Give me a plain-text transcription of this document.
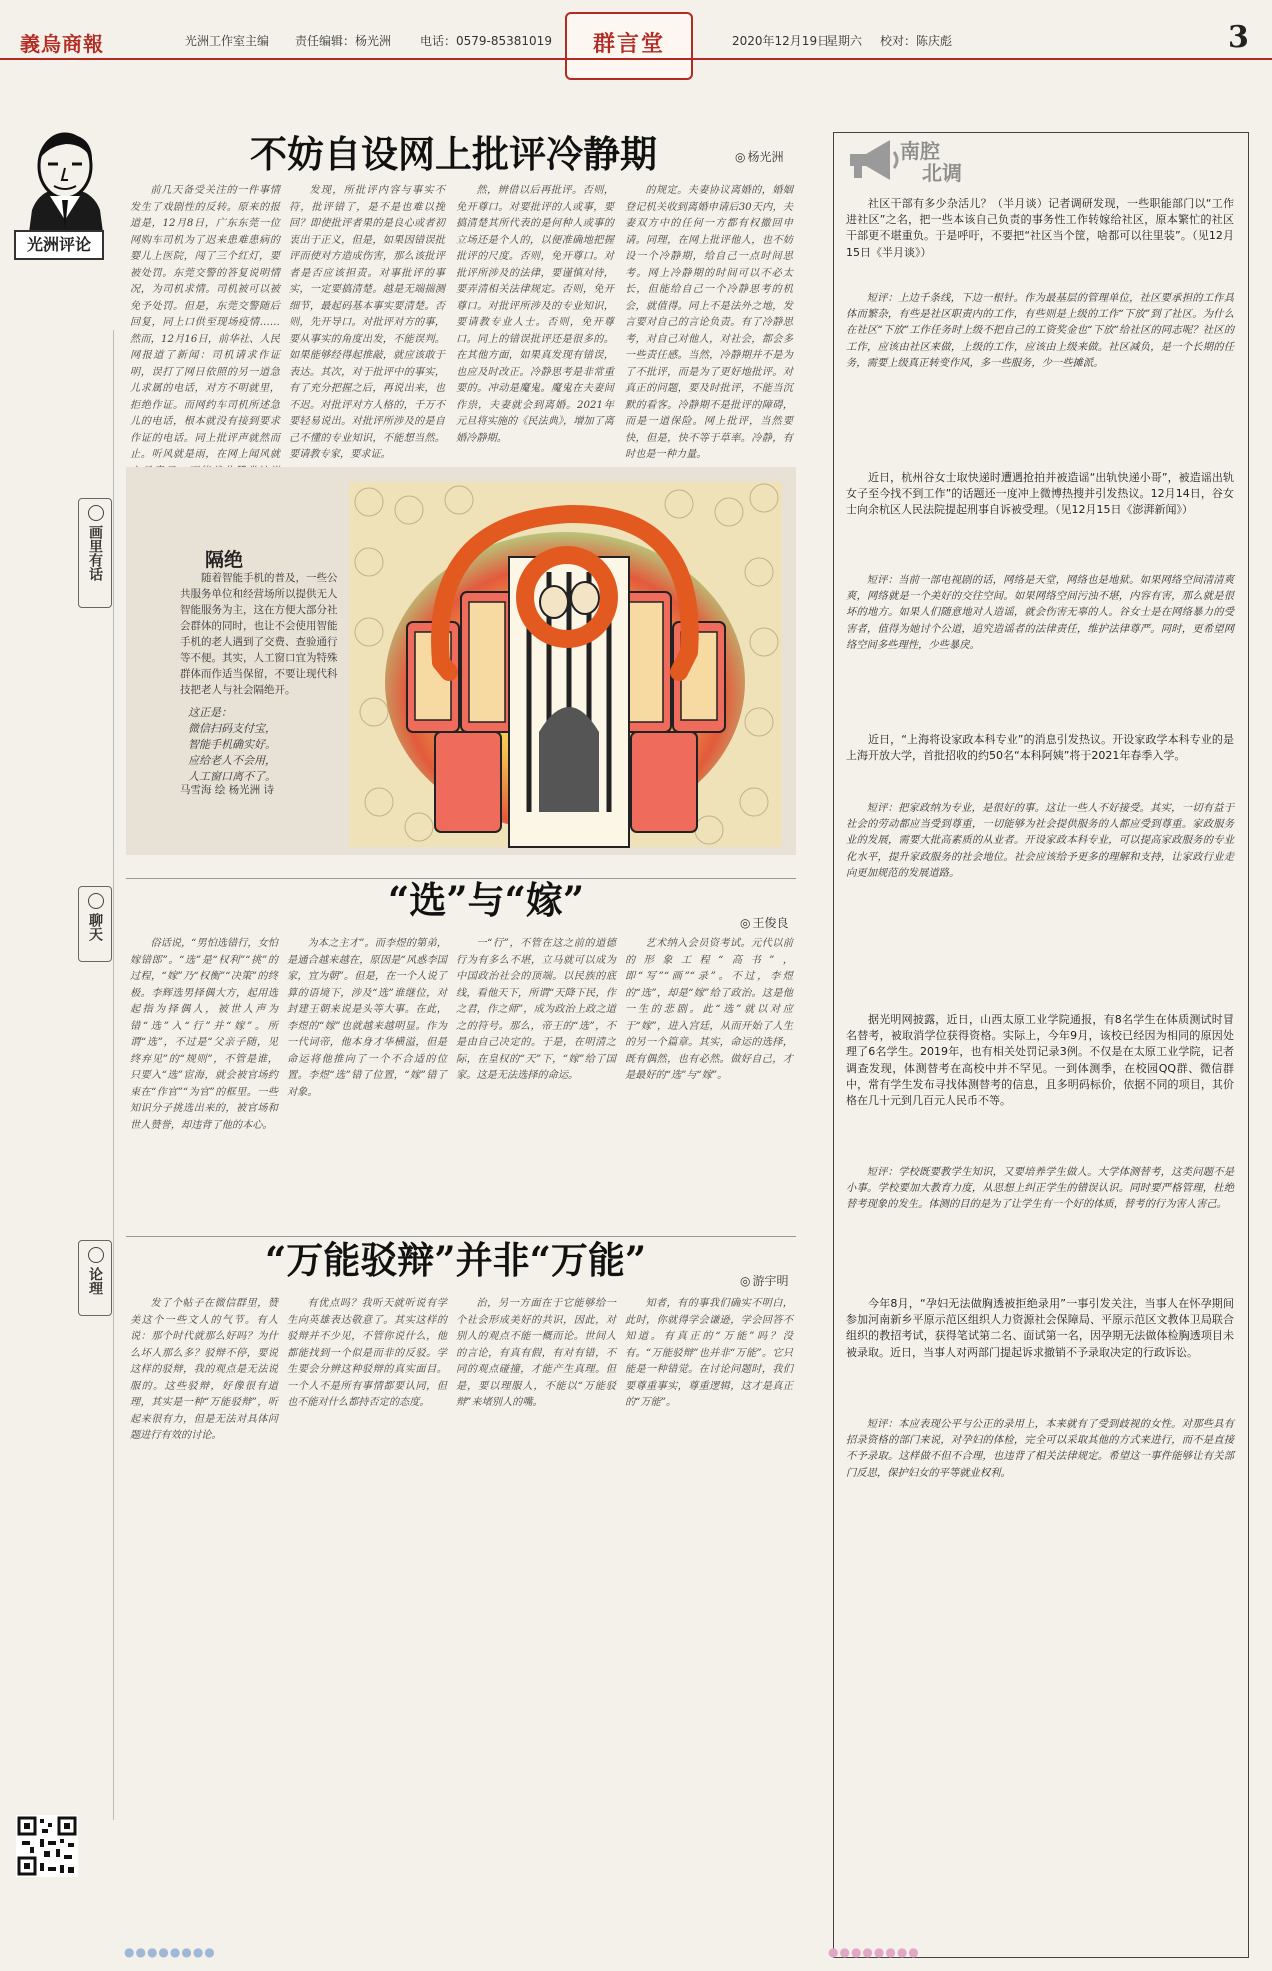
義烏商報	光洲工作室主编 责任编辑：杨光洲 电话：0579-85381019	群言堂	2020年12月19日
星期六 校对：陈庆彪	3
光洲评论
画里有话
聊天
论理
不妨自设网上批评冷静期	◎ 杨光洲
前几天备受关注的一件事情发生了戏剧性的反转。原来的报道是，12月8日，广东东莞一位网购车司机为了迟来患难患病的婴儿上医院，闯了三个红灯，要被处罚。东莞交警的答复说明情况，为司机求情。司机被可以被免予处罚。但是，东莞交警随后回复，同上口供至现场疫情……然而，12月16日，前华社、人民网报道了新闻：司机请求作证明，误打了网日依照的另一道急儿求属的电话，对方不明就里，拒绝作证。而网约车司机所述急儿的电话，根本就没有接到要求作证的电话。同上批评声就然而止。听风就是雨，在网上闻风就
发现，所批评内容与事实不符，批评错了，是不是也难以挽回？即使批评者果的是良心或者初衷出于正义，但是，如果因错误批评而使对方造成伤害，那么该批评者是否应该担责。对事批评的事实，一定要搞清楚。越是无端揣测细节，最起码基本事实要清楚。否则，先开导口。对批评对方的事，要从事实的角度出发，不能误判。如果能够经得起推敲，就应该敢于表达。其次，对于批评中的事实，有了充分把握之后，再说出来，也不迟。对批评对方人格的，千万不要轻易说出。对批评所涉及的是自己不懂的专业知识，不能想当然。要请教专家，要求证。
然，辨借以后再批评。否则，免开尊口。对要批评的人或事，要搞清楚其所代表的是何种人或事的立场还是个人的，以便准确地把握批评的尺度。否则，免开尊口。对批评所涉及的法律，要谨慎对待，要弄清相关法律规定。否则，免开尊口。对批评所涉及的专业知识，要请教专业人士。否则，免开尊口。同上的错误批评还是很多的。在其他方面，如果真发现有错误，也应及时改正。冷静思考是非常重要的。冲动是魔鬼。魔鬼在夫妻间作祟，夫妻就会到离婚。2021年元旦将实施的《民法典》，增加了离婚冷静期。
的规定。夫妻协议离婚的，婚姻登记机关收到离婚申请后30天内，夫妻双方中的任何一方都有权撤回申请。同理，在网上批评他人，也不妨设一个冷静期，给自己一点时间思考。网上冷静期的时间可以不必太长，但能给自己一个冷静思考的机会，就值得。同上不是法外之地，发言要对自己的言论负责。有了冷静思考，对自己对他人，对社会，都会多一些责任感。当然，冷静期并不是为了不批评，而是为了更好地批评。对真正的问题，要及时批评，不能当沉默的看客。冷静期不是批评的障碍，而是一道保险。网上批评，当然要快，但是，快不等于草率。冷静，有时也是一种力量。
隔绝
随着智能手机的普及，一些公共服务单位和经营场所以提供无人智能服务为主，这在方便大部分社会群体的同时，也让不会使用智能手机的老人遇到了交费、查验通行等不便。其实，人工窗口宜为特殊群体而作适当保留，不要让现代科技把老人与社会隔绝开。
这正是：
微信扫码支付宝，
智能手机确实好。
应给老人不会用，
人工窗口离不了。
马雪海 绘 杨光洲 诗
“选”与“嫁”
◎ 王俊良
俗话说，“男怕选错行，女怕嫁错郎”。“选”是“权利”“挑”的过程，“嫁”乃“权衡”“决策”的终极。李辉选男择偶大方，起用选起指为择偶人，被世人声为错“选”入“行”并“嫁”。所谓“选”，不过是“父亲子随，见终弃见”的“规则”，不管是谁，只要入“选”宦海，就会被官场约束在“作官”“为官”的框里。一些知识分子挑选出来的，被官场和世人赞誉，却违背了他的本心。
为本之主才”。而李煜的第弟，是通合越来越在，原因是“风惑李国家，宜为朝”。但是，在一个人说了算的语境下，涉及“选”谁继位，对封建王朝来说是头等大事。在此，李煜的“嫁”也就越来越明显。作为一代词帝，他本身才华横溢，但是命运将他推向了一个不合适的位置。李煜“选”错了位置，“嫁”错了对象。
一“行”，不管在这之前的道德行为有多么不堪，立马就可以成为中国政治社会的顶端。以民族的底线，看他天下，所谓“天降下民，作之君，作之师”，成为政治上政之道之的符号。那么，帝王的“选”，不是由自己决定的。于是，在明清之际，在皇权的“天”下，“嫁”给了国家。这是无法选择的命运。
艺术纳入会员资考试。元代以前的形象工程“高书”，即“写”“画”“录”。不过，李煜的“选”，却是“嫁”给了政治。这是他一生的悲剧。此“选”就以对应于“嫁”，进入宫廷，从而开始了人生的另一个篇章。其实，命运的选择，既有偶然，也有必然。做好自己，才是最好的“选”与“嫁”。
“万能驳辩”并非“万能”	◎ 游宇明
发了个帖子在微信群里，赞美这个一些文人的气节。有人说：那个时代就那么好吗？为什么坏人那么多？驳辩不停，要说这样的驳辩，我的观点是无法说服的。这些驳辩，好像很有道理，其实是一种“万能驳辩”，听起来很有力，但是无法对具体问题进行有效的讨论。
有优点吗？我听天就听说有学生向英雄表达敬意了。其实这样的驳辩并不少见，不管你说什么，他都能找到一个似是而非的反驳。学生要会分辨这种驳辩的真实面目。一个人不是所有事情都要认同，但也不能对什么都持否定的态度。
治，另一方面在于它能够给一个社会形成美好的共识，因此，对别人的观点不能一概而论。世间人的言论，有真有假，有对有错，不同的观点碰撞，才能产生真理。但是，要以理服人，不能以“万能驳辩”来堵别人的嘴。
知者，有的事我们确实不明白，此时，你就得学会谦逊，学会回答不知道。有真正的“万能”吗？没有。“万能驳辩”也并非“万能”。它只能是一种错觉。在讨论问题时，我们要尊重事实，尊重逻辑，这才是真正的“万能”。
南腔
北调
社区干部有多少杂活儿？（半月谈）记者调研发现，一些职能部门以“工作进社区”之名，把一些本该自己负责的事务性工作转嫁给社区，原本繁忙的社区干部更不堪重负。于是呼吁，不要把“社区当个筐，啥都可以往里装”。（见12月15日《半月谈》）
短评：上边千条线，下边一根针。作为最基层的管理单位，社区要承担的工作具体而繁杂，有些是社区职责内的工作，有些则是上级的工作“下放”到了社区。为什么在社区“下放”工作任务时上级不把自己的工资奖金也“下放”给社区的同志呢？社区的工作，应该由社区来做，上级的工作，应该由上级来做。社区减负，是一个长期的任务，需要上级真正转变作风，多一些服务，少一些摊派。
近日，杭州谷女士取快递时遭遇抢拍并被造谣“出轨快递小哥”，被造谣出轨女子至今找不到工作”的话题还一度冲上微博热搜并引发热议。12月14日，谷女士向余杭区人民法院提起刑事自诉被受理。（见12月15日《澎湃新闻》）
短评：当前一部电视剧的话，网络是天堂，网络也是地狱。如果网络空间清清爽爽，网络就是一个美好的交往空间。如果网络空间污浊不堪，内容有害，那么就是很坏的地方。如果人们随意地对人造谣，就会伤害无辜的人。谷女士是在网络暴力的受害者，值得为她讨个公道，追究造谣者的法律责任，维护法律尊严。同时，更希望网络空间多些理性，少些暴戾。
近日，“上海将设家政本科专业”的消息引发热议。开设家政学本科专业的是上海开放大学，首批招收的约50名“本科阿姨”将于2021年春季入学。
短评：把家政纳为专业，是很好的事。这让一些人不好接受。其实，一切有益于社会的劳动都应当受到尊重，一切能够为社会提供服务的人都应受到尊重。家政服务业的发展，需要大批高素质的从业者。开设家政本科专业，可以提高家政服务的专业化水平，提升家政服务的社会地位。社会应该给予更多的理解和支持，让家政行业走向更加规范的发展道路。
据光明网披露，近日，山西太原工业学院通报，有8名学生在体质测试时冒名替考，被取消学位获得资格。实际上，今年9月，该校已经因为相同的原因处理了6名学生。2019年，也有相关处罚记录3例。不仅是在太原工业学院，记者调查发现，体测替考在高校中并不罕见。一到体测季，在校园QQ群、微信群中，常有学生发布寻找体测替考的信息，且多明码标价，依据不同的项目，其价格在几十元到几百元人民币不等。
短评：学校既要教学生知识，又要培养学生做人。大学体测替考，这类问题不是小事。学校要加大教育力度，从思想上纠正学生的错误认识。同时要严格管理，杜绝替考现象的发生。体测的目的是为了让学生有一个好的体质，替考的行为害人害己。
今年8月，“孕妇无法做胸透被拒绝录用”一事引发关注，当事人在怀孕期间参加河南新乡平原示范区组织人力资源社会保障局、平原示范区文教体卫局联合组织的教招考试，获得笔试第二名、面试第一名，因孕期无法做体检胸透项目未被录取。近日，当事人对两部门提起诉求撤销不予录取决定的行政诉讼。
短评：本应表现公平与公正的录用上，本来就有了受到歧视的女性。对那些具有招录资格的部门来说，对孕妇的体检，完全可以采取其他的方式来进行，而不是直接不予录取。这样做不但不合理，也违背了相关法律规定。希望这一事件能够让有关部门反思，保护妇女的平等就业权利。
●●●●●●●●	●●●●●●●●
